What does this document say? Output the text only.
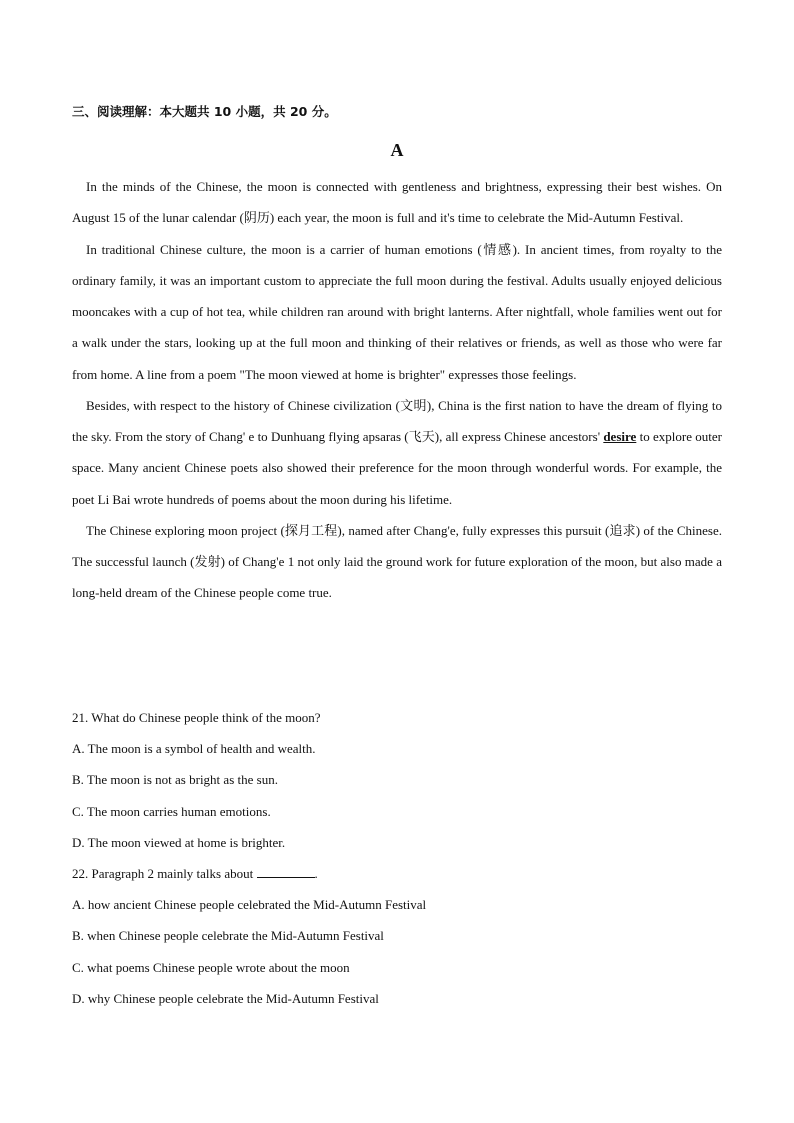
三、阅读理解：本大题共 10 小题，共 20 分。
A

In the minds of the Chinese, the moon is connected with gentleness and brightness, expressing their best wishes. On August 15 of the lunar calendar (阴历) each year, the moon is full and it's time to celebrate the Mid-Autumn Festival.

In traditional Chinese culture, the moon is a carrier of human emotions (情感). In ancient times, from royalty to the ordinary family, it was an important custom to appreciate the full moon during the festival. Adults usually enjoyed delicious mooncakes with a cup of hot tea, while children ran around with bright lanterns. After nightfall, whole families went out for a walk under the stars, looking up at the full moon and thinking of their relatives or friends, as well as those who were far from home. A line from a poem "The moon viewed at home is brighter" expresses those feelings.

Besides, with respect to the history of Chinese civilization (文明), China is the first nation to have the dream of flying to the sky. From the story of Chang' e to Dunhuang flying apsaras (飞天), all express Chinese ancestors' desire to explore outer space. Many ancient Chinese poets also showed their preference for the moon through wonderful words. For example, the poet Li Bai wrote hundreds of poems about the moon during his lifetime.

The Chinese exploring moon project (探月工程), named after Chang'e, fully expresses this pursuit (追求) of the Chinese. The successful launch (发射) of Chang'e 1 not only laid the ground work for future exploration of the moon, but also made a long-held dream of the Chinese people come true.

21. What do Chinese people think of the moon?
A. The moon is a symbol of health and wealth.
B. The moon is not as bright as the sun.
C. The moon carries human emotions.
D. The moon viewed at home is brighter.
22. Paragraph 2 mainly talks about	.
A. how ancient Chinese people celebrated the Mid-Autumn Festival
B. when Chinese people celebrate the Mid-Autumn Festival
C. what poems Chinese people wrote about the moon
D. why Chinese people celebrate the Mid-Autumn Festival
